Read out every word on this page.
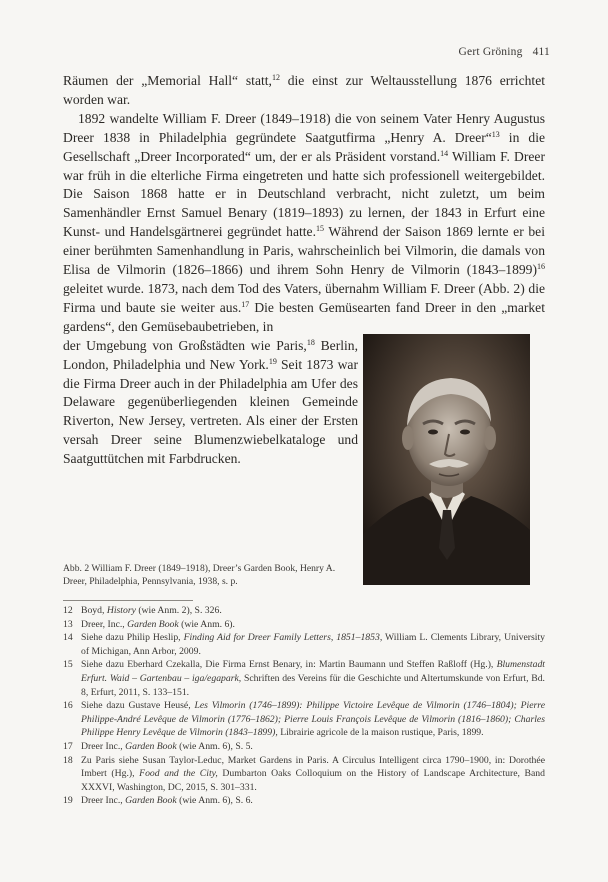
Gert Gröning 411

Räumen der „Memorial Hall“ statt,$^{12}$ die einst zur Weltausstellung 1876 errichtet worden war.

1892 wandelte William F. Dreer (1849–1918) die von seinem Vater Henry Augustus Dreer 1838 in Philadelphia gegründete Saatgutfirma „Henry A. Dreer“$^{13}$ in die Gesellschaft „Dreer Incorporated“ um, der er als Präsident vorstand.$^{14}$ William F. Dreer war früh in die elterliche Firma eingetreten und hatte sich professionell weitergebildet. Die Saison 1868 hatte er in Deutschland verbracht, nicht zuletzt, um beim Samenhändler Ernst Samuel Benary (1819–1893) zu lernen, der 1843 in Erfurt eine Kunst- und Handelsgärtnerei gegründet hatte.$^{15}$ Während der Saison 1869 lernte er bei einer berühmten Samenhandlung in Paris, wahrscheinlich bei Vilmorin, die damals von Elisa de Vilmorin (1826–1866) und ihrem Sohn Henry de Vilmorin (1843–1899)$^{16}$ geleitet wurde. 1873, nach dem Tod des Vaters, übernahm William F. Dreer (Abb. 2) die Firma und baute sie weiter aus.$^{17}$ Die besten Gemüsearten fand Dreer in den „market gardens“, den Gemüsebaubetrieben, in

der Umgebung von Großstädten wie Paris,$^{18}$ Berlin, London, Philadelphia und New York.$^{19}$ Seit 1873 war die Firma Dreer auch in der Philadelphia am Ufer des Delaware gegenüberliegenden kleinen Gemeinde Riverton, New Jersey, vertreten. Als einer der Ersten versah Dreer seine Blumenzwiebelkataloge und Saatguttütchen mit Farbdrucken.

Abb. 2 William F. Dreer (1849–1918), Dreer’s Garden Book, Henry A. Dreer, Philadelphia, Pennsylvania, 1938, s. p.
12 Boyd, History (wie Anm. 2), S. 326.
13 Dreer, Inc., Garden Book (wie Anm. 6).
14 Siehe dazu Philip Heslip, Finding Aid for Dreer Family Letters, 1851–1853, William L. Clements Library, University of Michigan, Ann Arbor, 2009.
15 Siehe dazu Eberhard Czekalla, Die Firma Ernst Benary, in: Martin Baumann und Steffen Raßloff (Hg.), Blumenstadt Erfurt. Waid – Gartenbau – iga/egapark, Schriften des Vereins für die Geschichte und Altertumskunde von Erfurt, Bd. 8, Erfurt, 2011, S. 133–151.
16 Siehe dazu Gustave Heusé, Les Vilmorin (1746–1899): Philippe Victoire Levêque de Vilmorin (1746–1804); Pierre Philippe-André Levêque de Vilmorin (1776–1862); Pierre Louis François Levêque de Vilmorin (1816–1860); Charles Philippe Henry Levêque de Vilmorin (1843–1899), Librairie agricole de la maison rustique, Paris, 1899.
17 Dreer Inc., Garden Book (wie Anm. 6), S. 5.
18 Zu Paris siehe Susan Taylor-Leduc, Market Gardens in Paris. A Circulus Intelligent circa 1790–1900, in: Dorothée Imbert (Hg.), Food and the City, Dumbarton Oaks Colloquium on the History of Landscape Architecture, Band XXXVI, Washington, DC, 2015, S. 301–331.
19 Dreer Inc., Garden Book (wie Anm. 6), S. 6.
